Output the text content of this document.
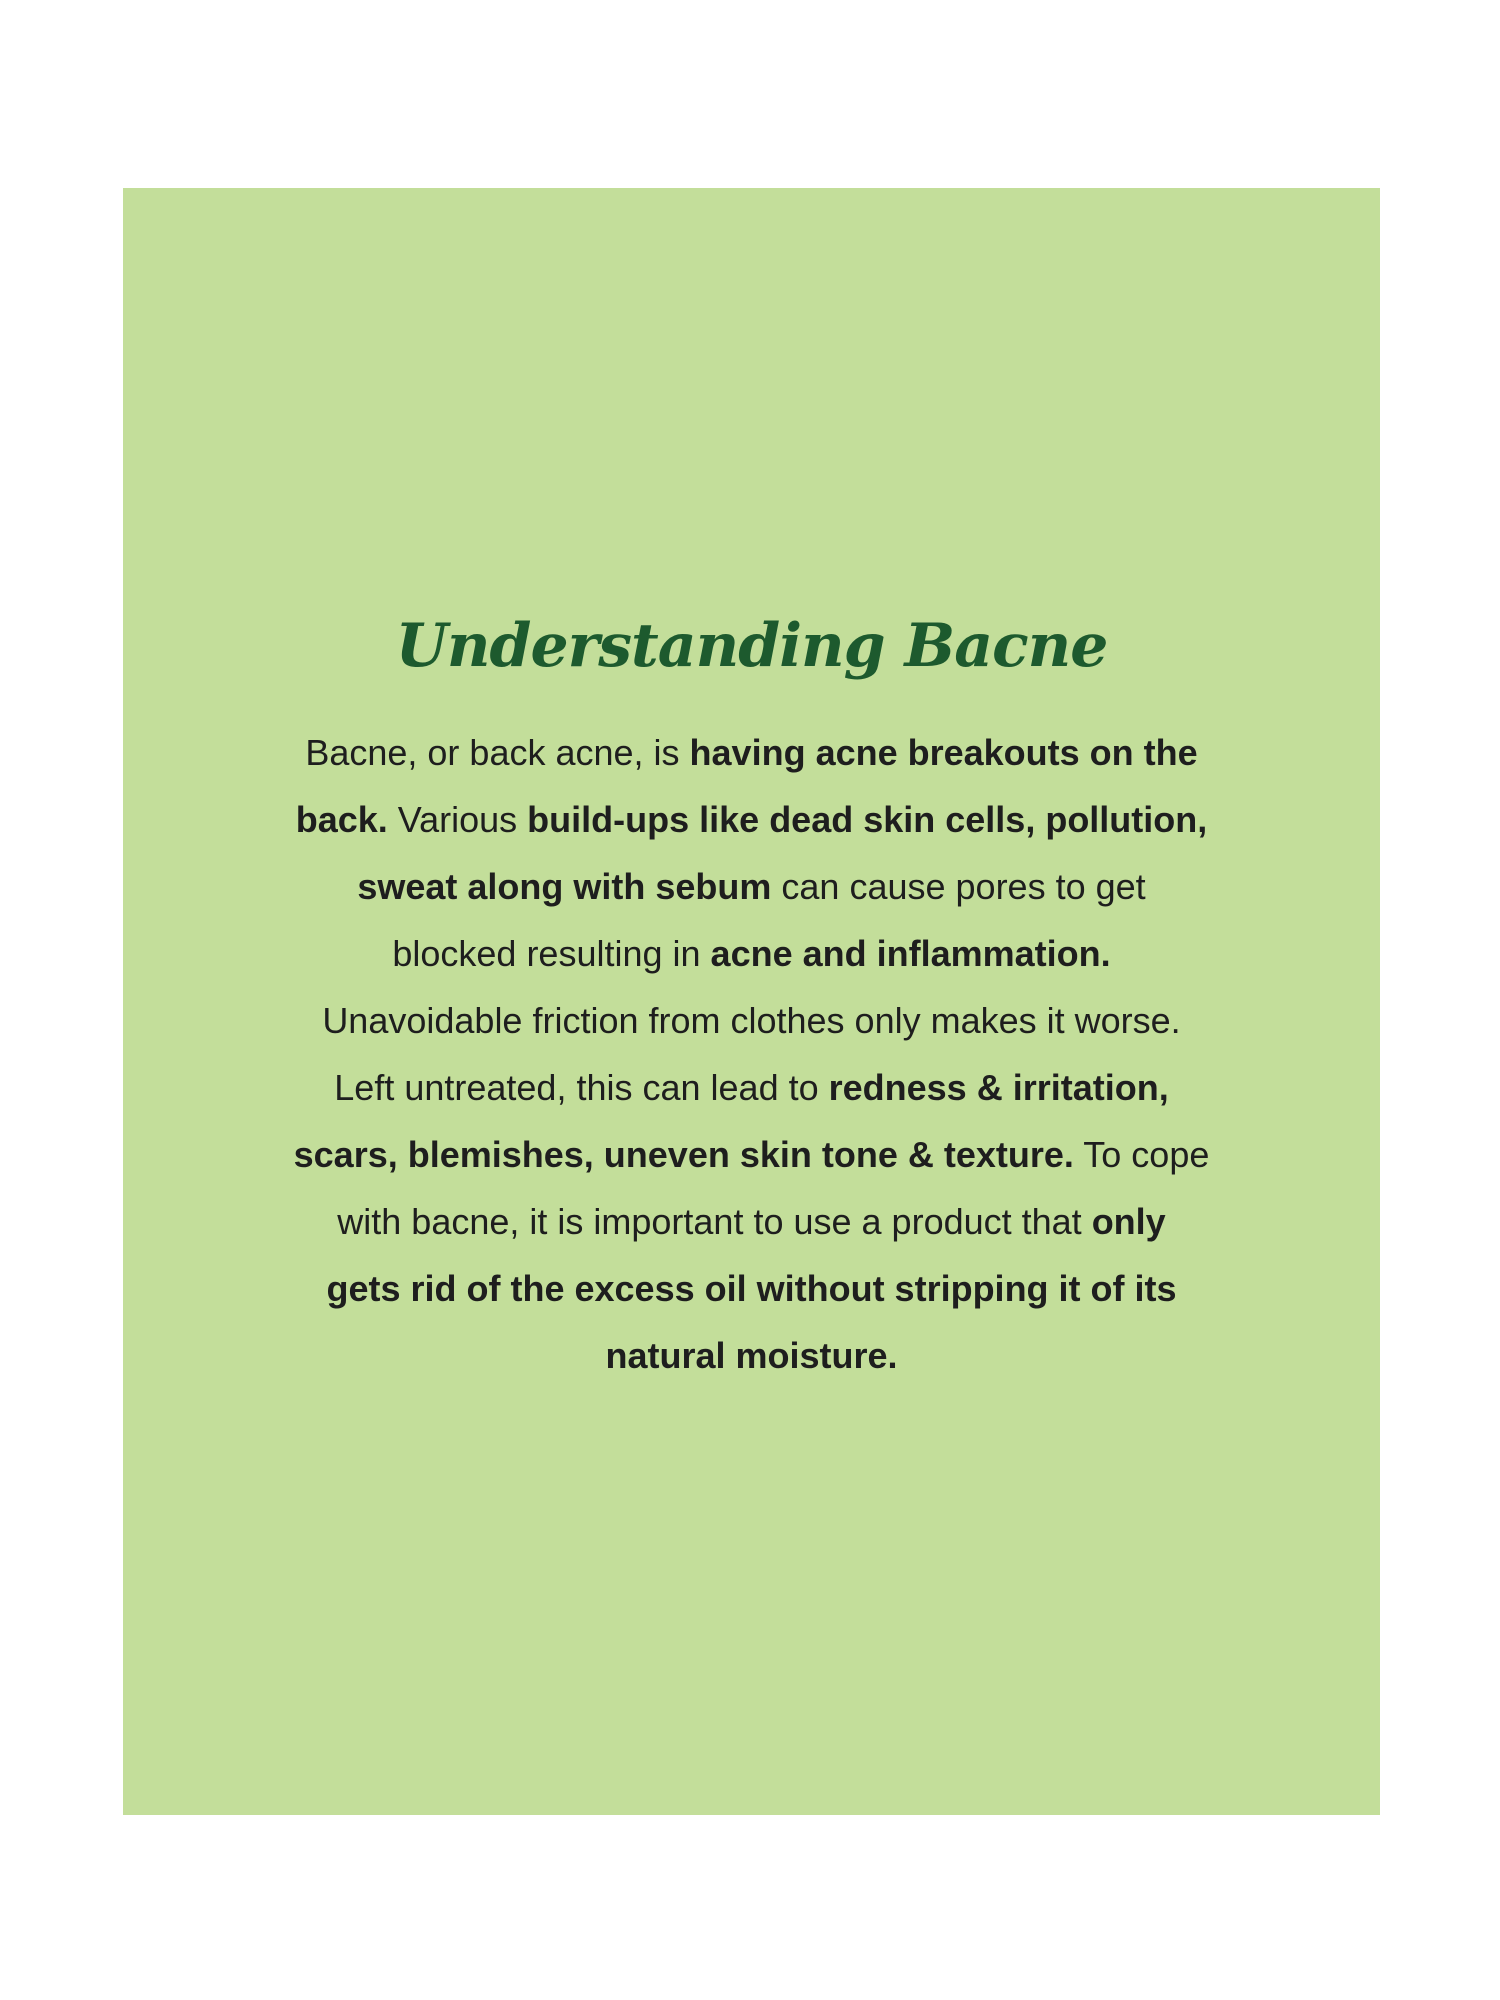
Understanding Bacne
Bacne, or back acne, is having acne breakouts on the
back. Various build-ups like dead skin cells, pollution,
sweat along with sebum can cause pores to get
blocked resulting in acne and inflammation.
Unavoidable friction from clothes only makes it worse.
Left untreated, this can lead to redness & irritation,
scars, blemishes, uneven skin tone & texture. To cope
with bacne, it is important to use a product that only
gets rid of the excess oil without stripping it of its
natural moisture.
